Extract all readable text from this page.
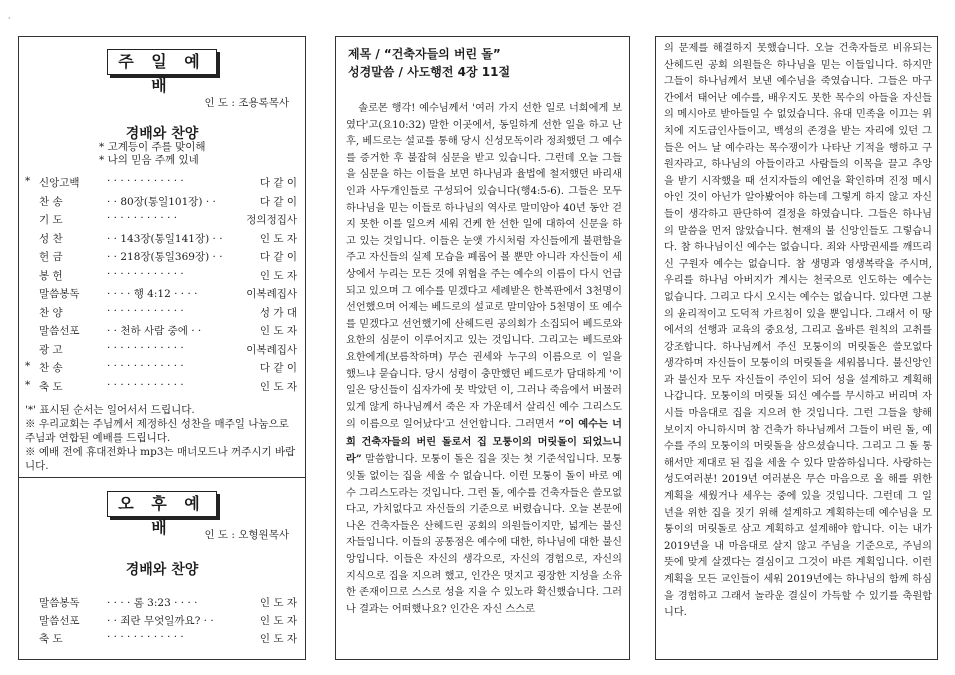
주 일 예 배
인 도 : 조용록목사
경배와 찬양
* 고계등이 주를 맞이해
* 나의 믿음 주께 있네
* 신앙고백	· · · · · · · · · · · ·	다 같 이
찬 송	· · 80장(통일101장) · ·	다 같 이
기 도	· · · · · · · · · · ·	정의정집사
성 찬	· · 143장(통일141장) · ·	인 도 자
헌 금	· · 218장(통일369장) · ·	다 같 이
봉 헌	· · · · · · · · · · · ·	인 도 자
말씀봉독	· · · · 행 4:12 · · · ·	이복례집사
찬 양	· · · · · · · · · · · ·	성 가 대
말씀선포	· · 천하 사람 중에 · ·	인 도 자
광 고	· · · · · · · · · · · ·	이복례집사
* 찬 송	· · · · · · · · · · · ·	다 같 이
* 축 도	· · · · · · · · · · · ·	인 도 자

'*' 표시된 순서는 일어서서 드립니다.

※ 우리교회는 주님께서 제정하신 성찬을 매주일 나눔으로 주님과 연합된 예배를 드립니다.

※ 예배 전에 휴대전화나 mp3는 매너모드나 꺼주시기 바랍니다.

오 후 예 배	인 도 : 오형원목사
경배와 찬양
말씀봉독	· · · · 롬 3:23 · · · ·	인 도 자
말씀선포	· · 죄란 무엇일까요? · ·	인 도 자
축 도	· · · · · · · · · · · ·	인 도 자
제목 / “건축자들의 버린 돌”
성경말씀 / 사도행전 4장 11절

솔로몬 행각! 예수님께서 '여러 가지 선한 일로 너희에게 보였다'고(요10:32) 말한 이곳에서, 동일하게 선한 일을 하고 난 후, 베드로는 설교를 통해 당시 신성모독이라 정죄했던 그 예수를 증거한 후 불잡혀 심문을 받고 있습니다. 그런데 오늘 그들을 심문을 하는 이들을 보면 하나님과 율법에 철저했던 바리새인과 사두개인들로 구성되어 있습니다(행4:5-6). 그들은 모두 하나님을 믿는 이들로 하나님의 역사로 말미암아 40년 동안 걷지 못한 이를 일으켜 세워 건케 한 선한 일에 대하여 신문을 하고 있는 것입니다. 이들은 눈앳 가시처럼 자신들에게 불편함을 주고 자신들의 실제 모습을 폐롭어 볼 뿐만 아니라 자신들이 세상에서 누리는 모든 것에 위협을 주는 예수의 이름이 다시 언급되고 있으며 그 예수를 믿겠다고 세례받은 한복판에서 3천명이 선언했으며 어제는 베드로의 설교로 말미암아 5천명이 또 예수를 믿겠다고 선언했기에 산헤드린 공의회가 소집되어 베드로와 요한의 심문이 이루어지고 있는 것입니다. 그리고는 베드로와 요한에게(보름착하며) 무슨 권세와 누구의 이름으로 이 일을 했느냐 묻습니다. 당시 성령이 충만했던 베드로가 담대하게 '이 일은 당신들이 십자가에 못 박았던 이, 그러나 죽음에서 버물러 있게 않게 하나님께서 죽은 자 가운데서 살리신 예수 그리스도의 이름으로 일어났다'고 선언합니다. 그러면서 “이 예수는 너희 건축자들의 버린 돌로서 집 모퉁이의 머릿돌이 되었느니라” 말씀합니다. 모퉁이 돌은 집을 짓는 첫 기준석입니다. 모퉁잇돌 없이는 집을 세울 수 없습니다. 이런 모퉁이 돌이 바로 예수 그리스도라는 것입니다. 그런 돌, 예수를 건축자들은 쓸모없다고, 가치없다고 자신들의 기준으로 버렸습니다. 오늘 본문에 나온 건축자들은 산헤드린 공회의 의원들이지만, 넓게는 불신자들입니다. 이들의 공통점은 예수에 대한, 하나님에 대한 불신앙입니다. 이들은 자신의 생각으로, 자신의 경험으로, 자신의 지식으로 집을 지으려 했고, 인간은 멋지고 굉장한 지성을 소유한 존재이므로 스스로 성을 지을 수 있노라 확신했습니다. 그러나 결과는 어떠했나요? 인간은 자신 스스로

의 문제를 해결하지 못했습니다. 오늘 건축자들로 비유되는 산헤드린 공회 의원들은 하나님을 믿는 이들입니다. 하지만 그들이 하나님께서 보낸 예수님을 죽였습니다. 그들은 마구간에서 태어난 예수를, 배우지도 못한 목수의 아들을 자신들의 메시아로 받아들일 수 없었습니다. 유대 민족을 이끄는 위치에 지도급인사들이고, 백성의 존경을 받는 자리에 있던 그들은 어느 날 예수라는 목수쟁이가 나타난 기적을 행하고 구원자라고, 하나님의 아들이라고 사람들의 이목을 끌고 추앙을 받기 시작했을 때 선지자들의 예언을 확인하며 진정 메시아인 것이 아닌가 알아봤어야 하는데 그렇게 하지 않고 자신들이 생각하고 판단하여 결정을 하였습니다. 그들은 하나님의 말씀을 먼저 않았습니다. 현재의 불 신앙인들도 그렇습니다. 참 하나님이신 예수는 없습니다. 죄와 사망권세를 깨뜨리신 구원자 예수는 없습니다. 참 생명과 영생복락을 주시며, 우리를 하나님 아버지가 계시는 천국으로 인도하는 예수는 없습니다. 그리고 다시 오시는 예수는 없습니다. 있다면 그분의 윤리적이고 도덕적 가르침이 있을 뿐입니다. 그래서 이 땅에서의 선행과 교육의 중요성, 그리고 올바른 원칙의 고취를 강조합니다. 하나님께서 주신 모퉁이의 머릿돌은 쓸모없다 생각하며 자신들이 모퉁이의 머릿돌을 세워봅니다. 불신앙인과 불신자 모두 자신들이 주인이 되어 성을 설계하고 계획해 나갑니다. 모퉁이의 머릿돌 되신 예수를 무시하고 버리며 자시들 마음대로 집을 지으려 한 것입니다. 그런 그들을 향해 보이지 아니하시며 참 건축가 하나님께서 그들이 버린 돌, 예수를 주의 모퉁이의 머릿돌을 삼으셨습니다. 그리고 그 돌 통해서만 제대로 된 집을 세울 수 있다 말씀하십니다. 사랑하는 성도여러분! 2019년 여러분은 무슨 마음으로 올 해를 위한 계획을 세웠거나 세우는 중에 있을 것입니다. 그런데 그 일 년을 위한 집을 짓기 위해 설계하고 계획하는데 예수님을 모퉁이의 머릿돌로 삼고 계획하고 설계해야 합니다. 이는 내가 2019년을 내 마음대로 살지 않고 주님을 기준으로, 주님의 뜻에 맞게 살겠다는 결심이고 그것이 바른 계획입니다. 이런 계획을 모든 교인들이 세워 2019년에는 하나님의 함께 하심을 경험하고 그래서 놀라운 결실이 가득할 수 있기를 축원합니다.

·
